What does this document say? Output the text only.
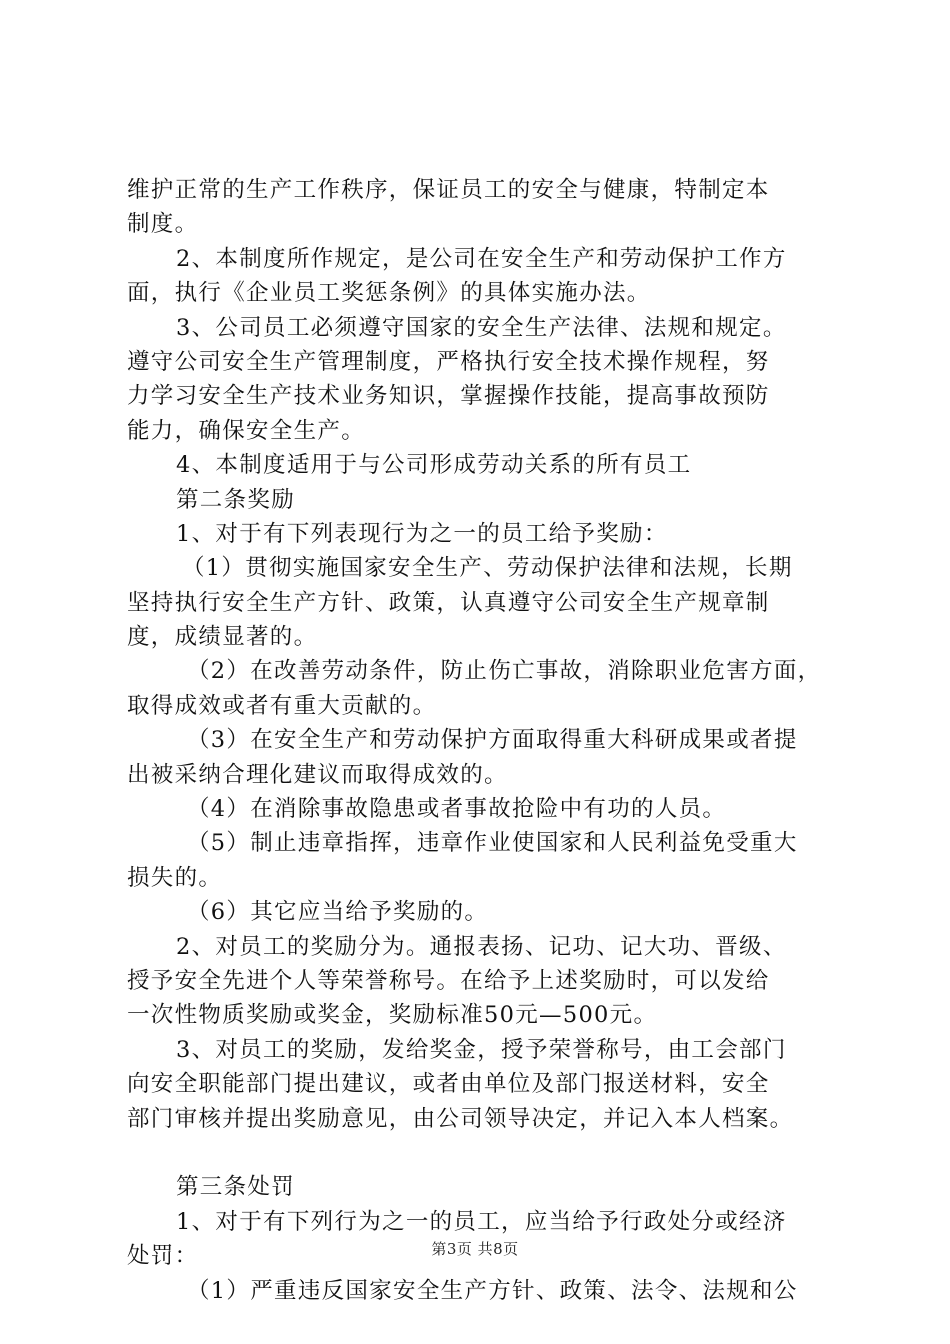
维护正常的生产工作秩序，保证员工的安全与健康，特制定本
制度。
2、本制度所作规定，是公司在安全生产和劳动保护工作方
面，执行《企业员工奖惩条例》的具体实施办法。
3、公司员工必须遵守国家的安全生产法律、法规和规定。
遵守公司安全生产管理制度，严格执行安全技术操作规程，努
力学习安全生产技术业务知识，掌握操作技能，提高事故预防
能力，确保安全生产。
4、本制度适用于与公司形成劳动关系的所有员工
第二条奖励
1、对于有下列表现行为之一的员工给予奖励：
（1）贯彻实施国家安全生产、劳动保护法律和法规，长期
坚持执行安全生产方针、政策，认真遵守公司安全生产规章制
度，成绩显著的。
（2）在改善劳动条件，防止伤亡事故，消除职业危害方面，
取得成效或者有重大贡献的。
（3）在安全生产和劳动保护方面取得重大科研成果或者提
出被采纳合理化建议而取得成效的。
（4）在消除事故隐患或者事故抢险中有功的人员。
（5）制止违章指挥，违章作业使国家和人民利益免受重大
损失的。
（6）其它应当给予奖励的。
2、对员工的奖励分为。通报表扬、记功、记大功、晋级、
授予安全先进个人等荣誉称号。在给予上述奖励时，可以发给
一次性物质奖励或奖金，奖励标准50元—500元。
3、对员工的奖励，发给奖金，授予荣誉称号，由工会部门
向安全职能部门提出建议，或者由单位及部门报送材料，安全
部门审核并提出奖励意见，由公司领导决定，并记入本人档案。
第三条处罚
1、对于有下列行为之一的员工，应当给予行政处分或经济
处罚：
（1）严重违反国家安全生产方针、政策、法令、法规和公
第3页 共8页
